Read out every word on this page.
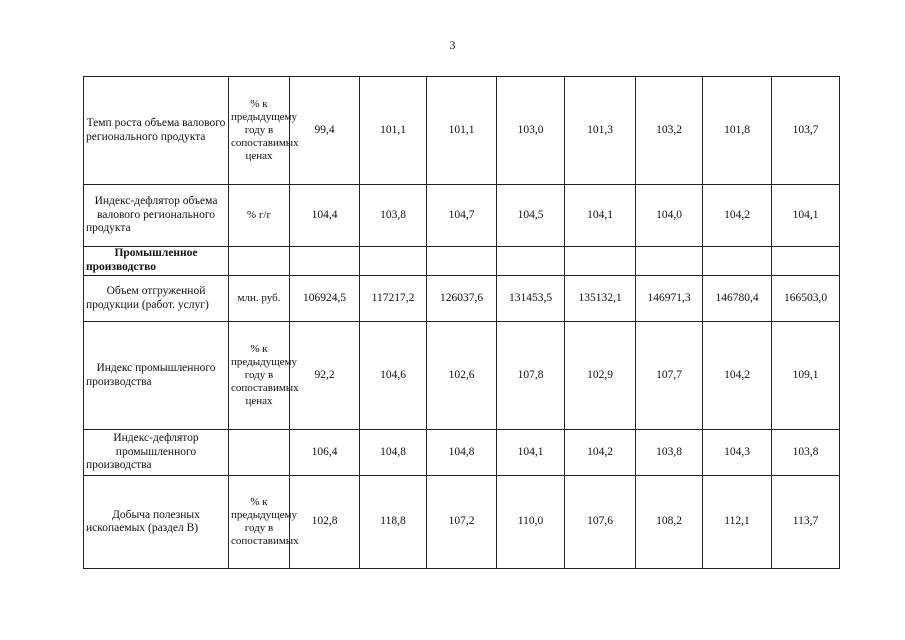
3
Темп роста объема валового регионального продукта	% к предыдущему году в сопоставимых ценах	99,4	101,1	101,1	103,0	101,3	103,2	101,8	103,7
Индекс-дефлятор объема валового регионального продукта	% г/г	104,4	103,8	104,7	104,5	104,1	104,0	104,2	104,1
Промышленное производство									
Объем отгруженной продукции (работ. услуг)	млн. руб.	106924,5	117217,2	126037,6	131453,5	135132,1	146971,3	146780,4	166503,0
Индекс промышленного производства	% к предыдущему году в сопоставимых ценах	92,2	104,6	102,6	107,8	102,9	107,7	104,2	109,1
Индекс-дефлятор промышленного производства		106,4	104,8	104,8	104,1	104,2	103,8	104,3	103,8
Добыча полезных ископаемых (раздел В)	% к предыдущему году в сопоставимых	102,8	118,8	107,2	110,0	107,6	108,2	112,1	113,7
